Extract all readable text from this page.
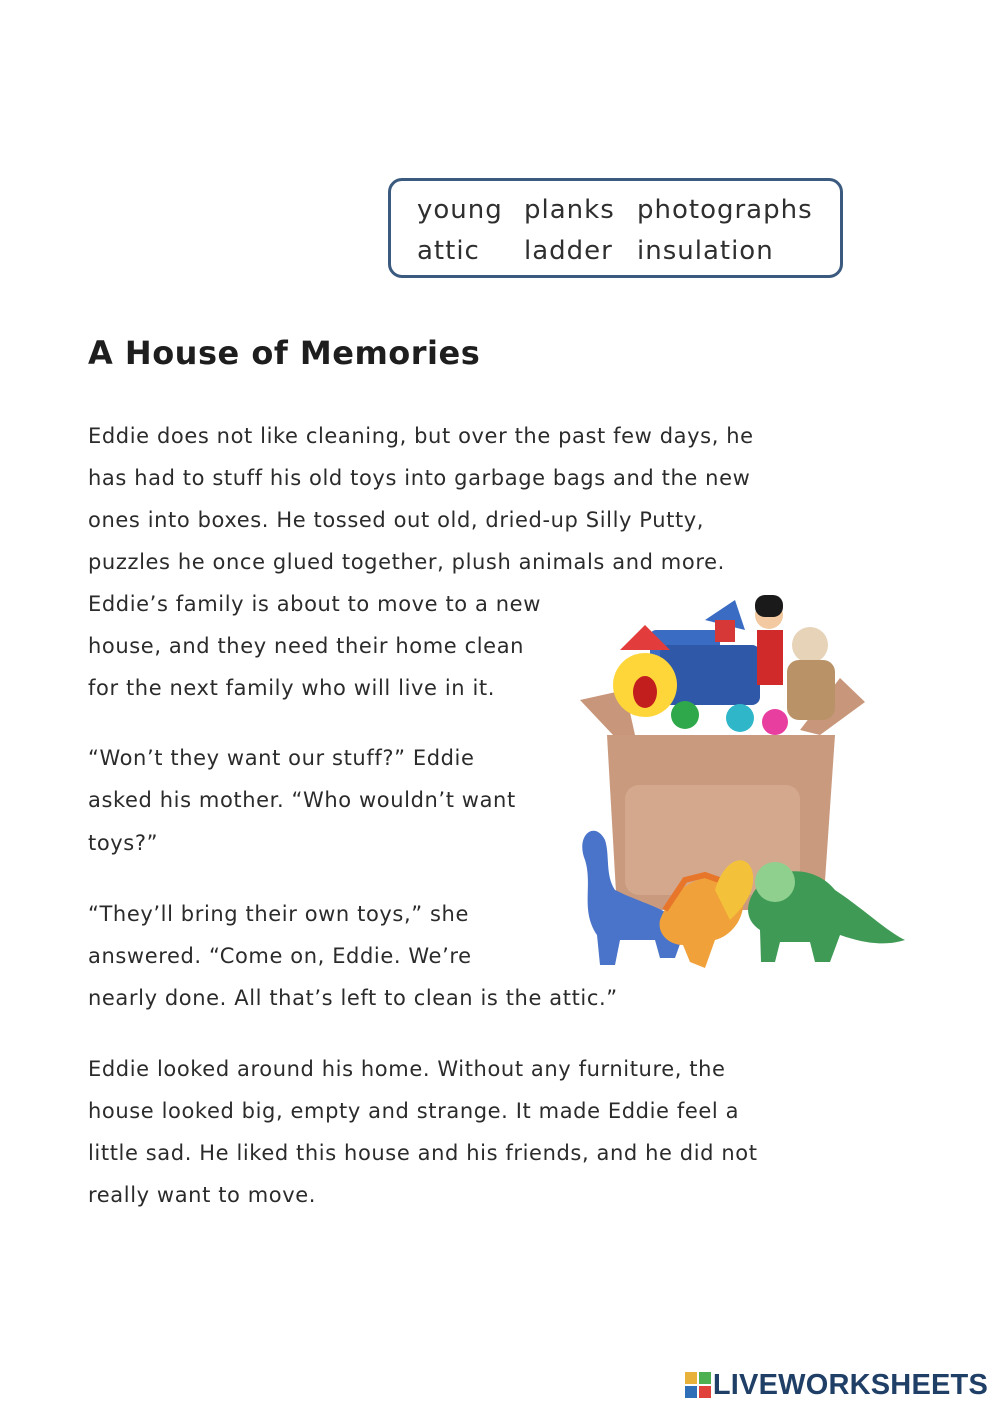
young planks photographs
attic ladder insulation
A House of Memories
Eddie does not like cleaning, but over the past few days, he
has had to stuff his old toys into garbage bags and the new
ones into boxes. He tossed out old, dried-up Silly Putty,
puzzles he once glued together, plush animals and more.
Eddie’s family is about to move to a new
house, and they need their home clean
for the next family who will live in it.
“Won’t they want our stuff?” Eddie
asked his mother. “Who wouldn’t want
toys?”
“They’ll bring their own toys,” she
answered. “Come on, Eddie. We’re
nearly done. All that’s left to clean is the attic.”
Eddie looked around his home. Without any furniture, the
house looked big, empty and strange. It made Eddie feel a
little sad. He liked this house and his friends, and he did not
really want to move.
LIVEWORKSHEETS
